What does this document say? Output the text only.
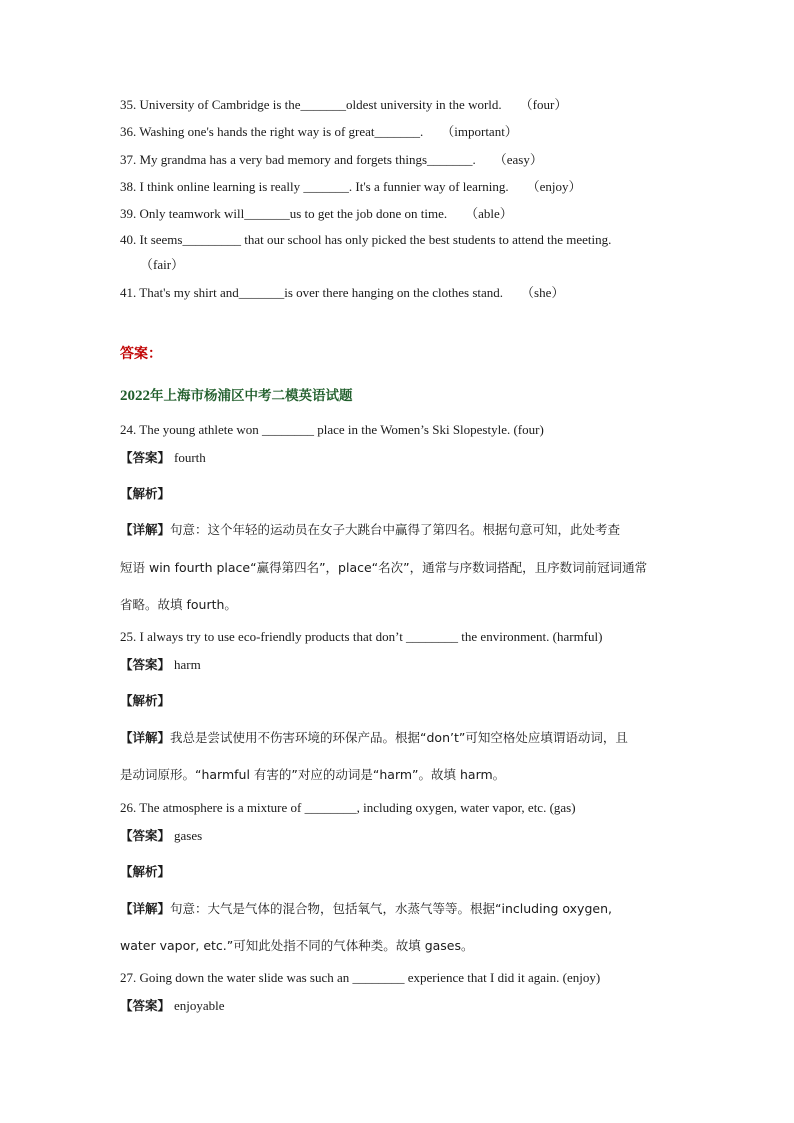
35. University of Cambridge is the_______oldest university in the world. （four）
36. Washing one's hands the right way is of great_______. （important）
37. My grandma has a very bad memory and forgets things_______. （easy）
38. I think online learning is really _______. It's a funnier way of learning. （enjoy）
39. Only teamwork will_______us to get the job done on time. （able）
40. It seems_________ that our school has only picked the best students to attend the meeting.
（fair）
41. That's my shirt and_______is over there hanging on the clothes stand. （she）
答案：
2022年上海市杨浦区中考二模英语试题
24. The young athlete won ________ place in the Women’s Ski Slopestyle. (four)
【答案】 fourth
【解析】
【详解】句意：这个年轻的运动员在女子大跳台中赢得了第四名。根据句意可知，此处考查
短语 win fourth place“赢得第四名”，place“名次”，通常与序数词搭配，且序数词前冠词通常
省略。故填 fourth。
25. I always try to use eco-friendly products that don’t ________ the environment. (harmful)
【答案】 harm
【解析】
【详解】我总是尝试使用不伤害环境的环保产品。根据“don’t”可知空格处应填谓语动词，且
是动词原形。“harmful 有害的”对应的动词是“harm”。故填 harm。
26. The atmosphere is a mixture of ________, including oxygen, water vapor, etc. (gas)
【答案】 gases
【解析】
【详解】句意：大气是气体的混合物，包括氧气，水蒸气等等。根据“including oxygen,
water vapor, etc.”可知此处指不同的气体种类。故填 gases。
27. Going down the water slide was such an ________ experience that I did it again. (enjoy)
【答案】 enjoyable
